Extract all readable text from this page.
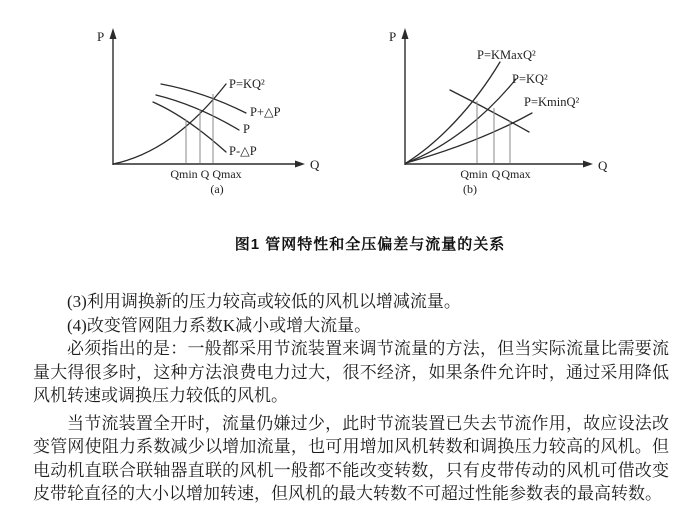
P
Q
P=KQ²
P+△P
P
P-△P
Qmin Q Qmax
(a)
P
Q
P=KMaxQ²
P=KQ²
P=KminQ²
Qmin Q Qmax
(b)
图1 管网特性和全压偏差与流量的关系

(3)利用调换新的压力较高或较低的风机以增减流量。

(4)改变管网阻力系数K减小或增大流量。

必须指出的是：一般都采用节流装置来调节流量的方法，但当实际流量比需要流量大得很多时，这种方法浪费电力过大，很不经济，如果条件允许时，通过采用降低风机转速或调换压力较低的风机。

当节流装置全开时，流量仍嫌过少，此时节流装置已失去节流作用，故应设法改变管网使阻力系数减少以增加流量，也可用增加风机转数和调换压力较高的风机。但电动机直联合联轴器直联的风机一般都不能改变转数，只有皮带传动的风机可借改变皮带轮直径的大小以增加转速，但风机的最大转数不可超过性能参数表的最高转数。
